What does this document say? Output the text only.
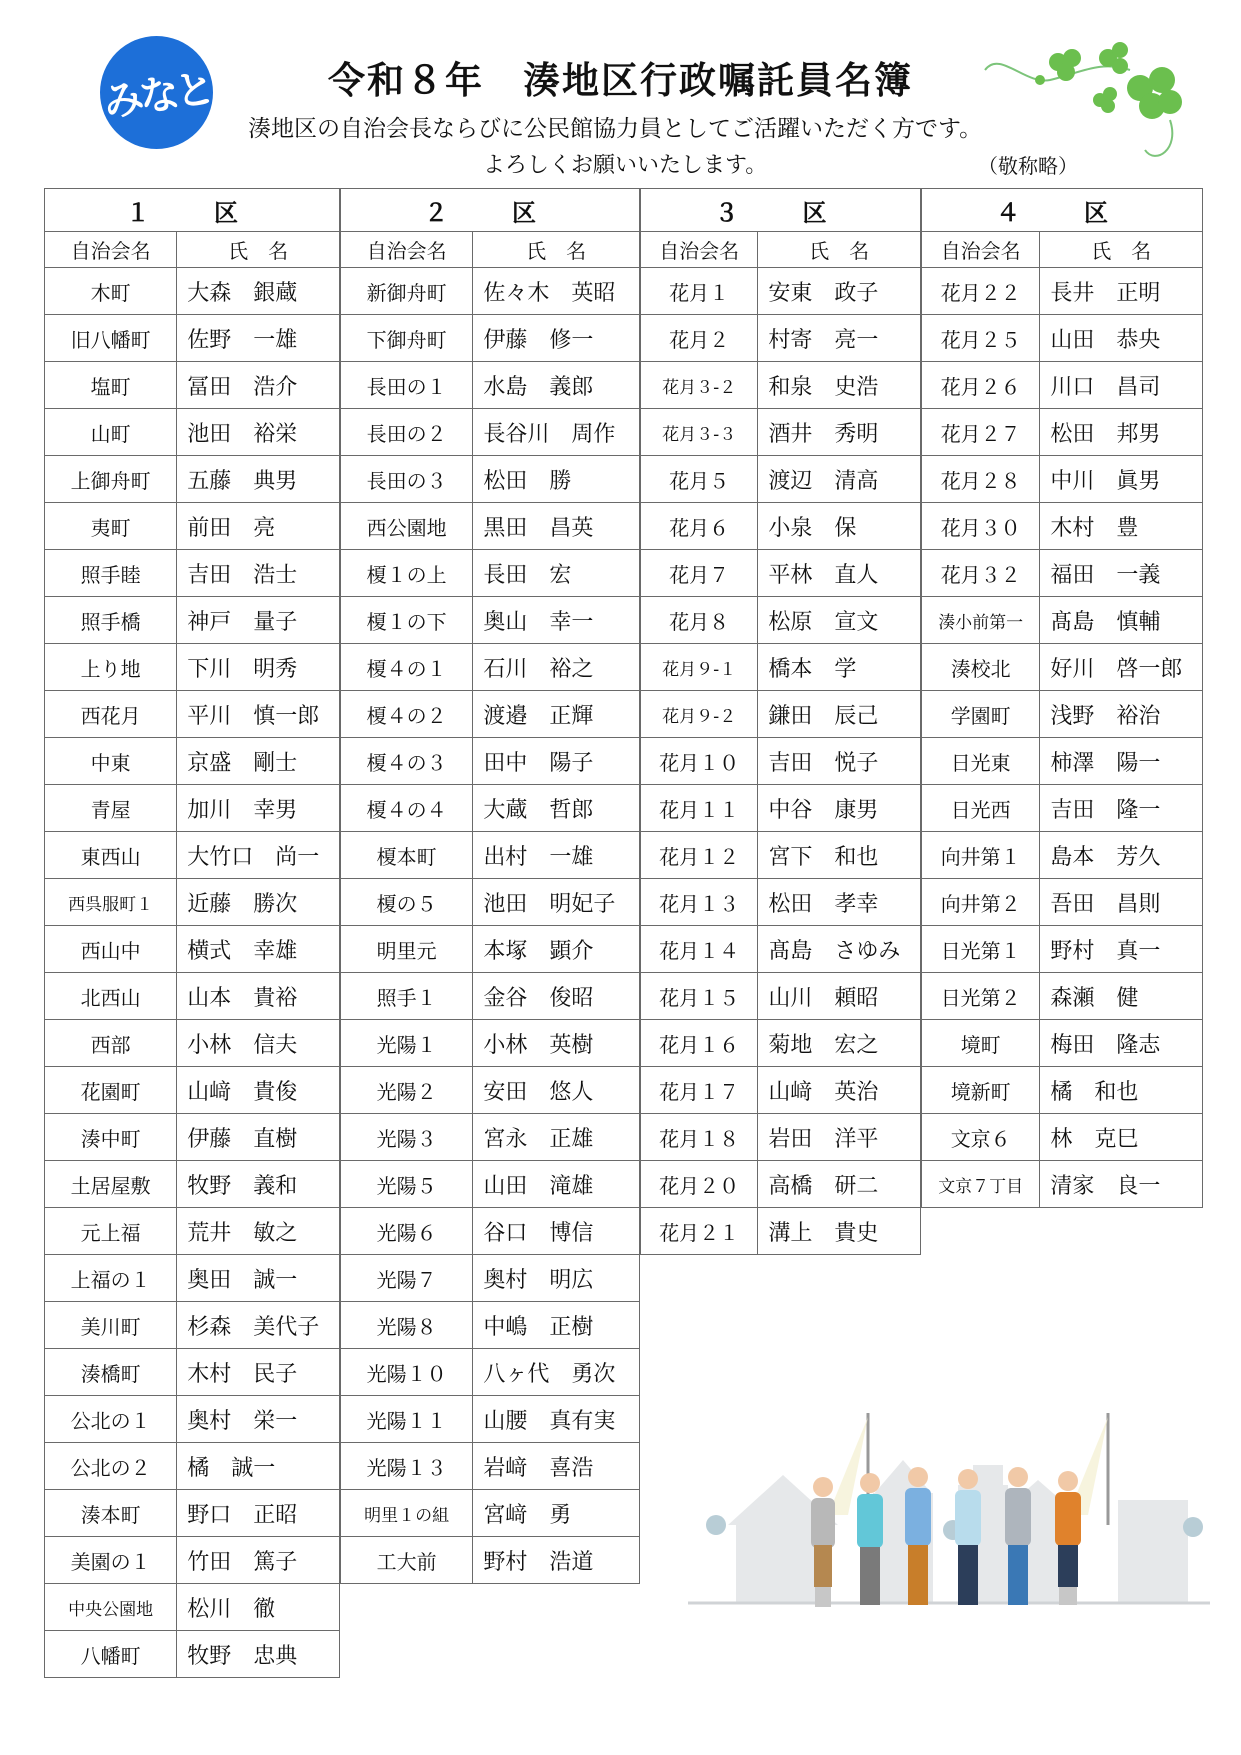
みなと	令和８年　湊地区行政嘱託員名簿
湊地区の自治会長ならびに公民館協力員としてご活躍いただく方です。
よろしくお願いいたします。	（敬称略）
１　区	
自治会名	氏　名
木町	大森　銀蔵
旧八幡町	佐野　一雄
塩町	冨田　浩介
山町	池田　裕栄
上御舟町	五藤　典男
夷町	前田　亮
照手睦	吉田　浩士
照手橋	神戸　量子
上り地	下川　明秀
西花月	平川　慎一郎
中東	京盛　剛士
青屋	加川　幸男
東西山	大竹口　尚一
西呉服町１	近藤　勝次
西山中	横式　幸雄
北西山	山本　貴裕
西部	小林　信夫
花園町	山﨑　貴俊
湊中町	伊藤　直樹
土居屋敷	牧野　義和
元上福	荒井　敏之
上福の１	奥田　誠一
美川町	杉森　美代子
湊橋町	木村　民子
公北の１	奥村　栄一
公北の２	橘　誠一
湊本町	野口　正昭
美園の１	竹田　篤子
中央公園地	松川　徹
八幡町	牧野　忠典
２　区	
自治会名	氏　名
新御舟町	佐々木　英昭
下御舟町	伊藤　修一
長田の１	水島　義郎
長田の２	長谷川　周作
長田の３	松田　勝
西公園地	黒田　昌英
榎１の上	長田　宏
榎１の下	奥山　幸一
榎４の１	石川　裕之
榎４の２	渡邉　正輝
榎４の３	田中　陽子
榎４の４	大蔵　哲郎
榎本町	出村　一雄
榎の５	池田　明妃子
明里元	本塚　顕介
照手１	金谷　俊昭
光陽１	小林　英樹
光陽２	安田　悠人
光陽３	宮永　正雄
光陽５	山田　滝雄
光陽６	谷口　博信
光陽７	奥村　明広
光陽８	中嶋　正樹
光陽１０	八ヶ代　勇次
光陽１１	山腰　真有実
光陽１３	岩﨑　喜浩
明里１の組	宮﨑　勇
工大前	野村　浩道
３　区	
自治会名	氏　名
花月１	安東　政子
花月２	村寄　亮一
花月３-２	和泉　史浩
花月３-３	酒井　秀明
花月５	渡辺　清高
花月６	小泉　保
花月７	平林　直人
花月８	松原　宣文
花月９-１	橋本　学
花月９-２	鎌田　辰己
花月１０	吉田　悦子
花月１１	中谷　康男
花月１２	宮下　和也
花月１３	松田　孝幸
花月１４	髙島　さゆみ
花月１５	山川　頼昭
花月１６	菊地　宏之
花月１７	山﨑　英治
花月１８	岩田　洋平
花月２０	高橋　研二
花月２１	溝上　貴史
４　区	
自治会名	氏　名
花月２２	長井　正明
花月２５	山田　恭央
花月２６	川口　昌司
花月２７	松田　邦男
花月２８	中川　眞男
花月３０	木村　豊
花月３２	福田　一義
湊小前第一	髙島　慎輔
湊校北	好川　啓一郎
学園町	浅野　裕治
日光東	柿澤　陽一
日光西	吉田　隆一
向井第１	島本　芳久
向井第２	吾田　昌則
日光第１	野村　真一
日光第２	森瀬　健
境町	梅田　隆志
境新町	橘　和也
文京６	林　克巳
文京７丁目	清家　良一
